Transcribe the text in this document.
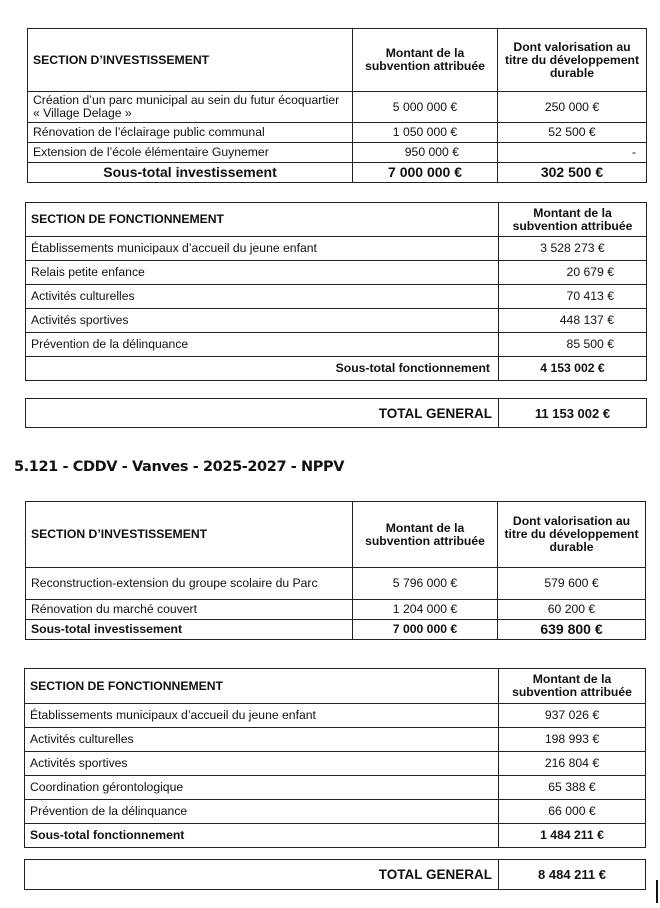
SECTION D’INVESTISSEMENT	Montant de la subvention attribuée	Dont valorisation au titre du développement durable
Création d’un parc municipal au sein du futur écoquartier « Village Delage »	5 000 000 €	250 000 €
Rénovation de l’éclairage public communal	1 050 000 €	52 500 €
Extension de l’école élémentaire Guynemer	950 000 €	-
Sous-total investissement	7 000 000 €	302 500 €
SECTION DE FONCTIONNEMENT	Montant de la subvention attribuée
Établissements municipaux d’accueil du jeune enfant	3 528 273 €
Relais petite enfance	20 679 €
Activités culturelles	70 413 €
Activités sportives	448 137 €
Prévention de la délinquance	85 500 €
Sous-total fonctionnement	4 153 002 €
TOTAL GENERAL	11 153 002 €
5.121 - CDDV - Vanves - 2025-2027 - NPPV
SECTION D’INVESTISSEMENT	Montant de la subvention attribuée	Dont valorisation au titre du développement durable
Reconstruction-extension du groupe scolaire du Parc	5 796 000 €	579 600 €
Rénovation du marché couvert	1 204 000 €	60 200 €
Sous-total investissement	7 000 000 €	639 800 €
SECTION DE FONCTIONNEMENT	Montant de la subvention attribuée
Établissements municipaux d’accueil du jeune enfant	937 026 €
Activités culturelles	198 993 €
Activités sportives	216 804 €
Coordination gérontologique	65 388 €
Prévention de la délinquance	66 000 €
Sous-total fonctionnement	1 484 211 €
TOTAL GENERAL	8 484 211 €
